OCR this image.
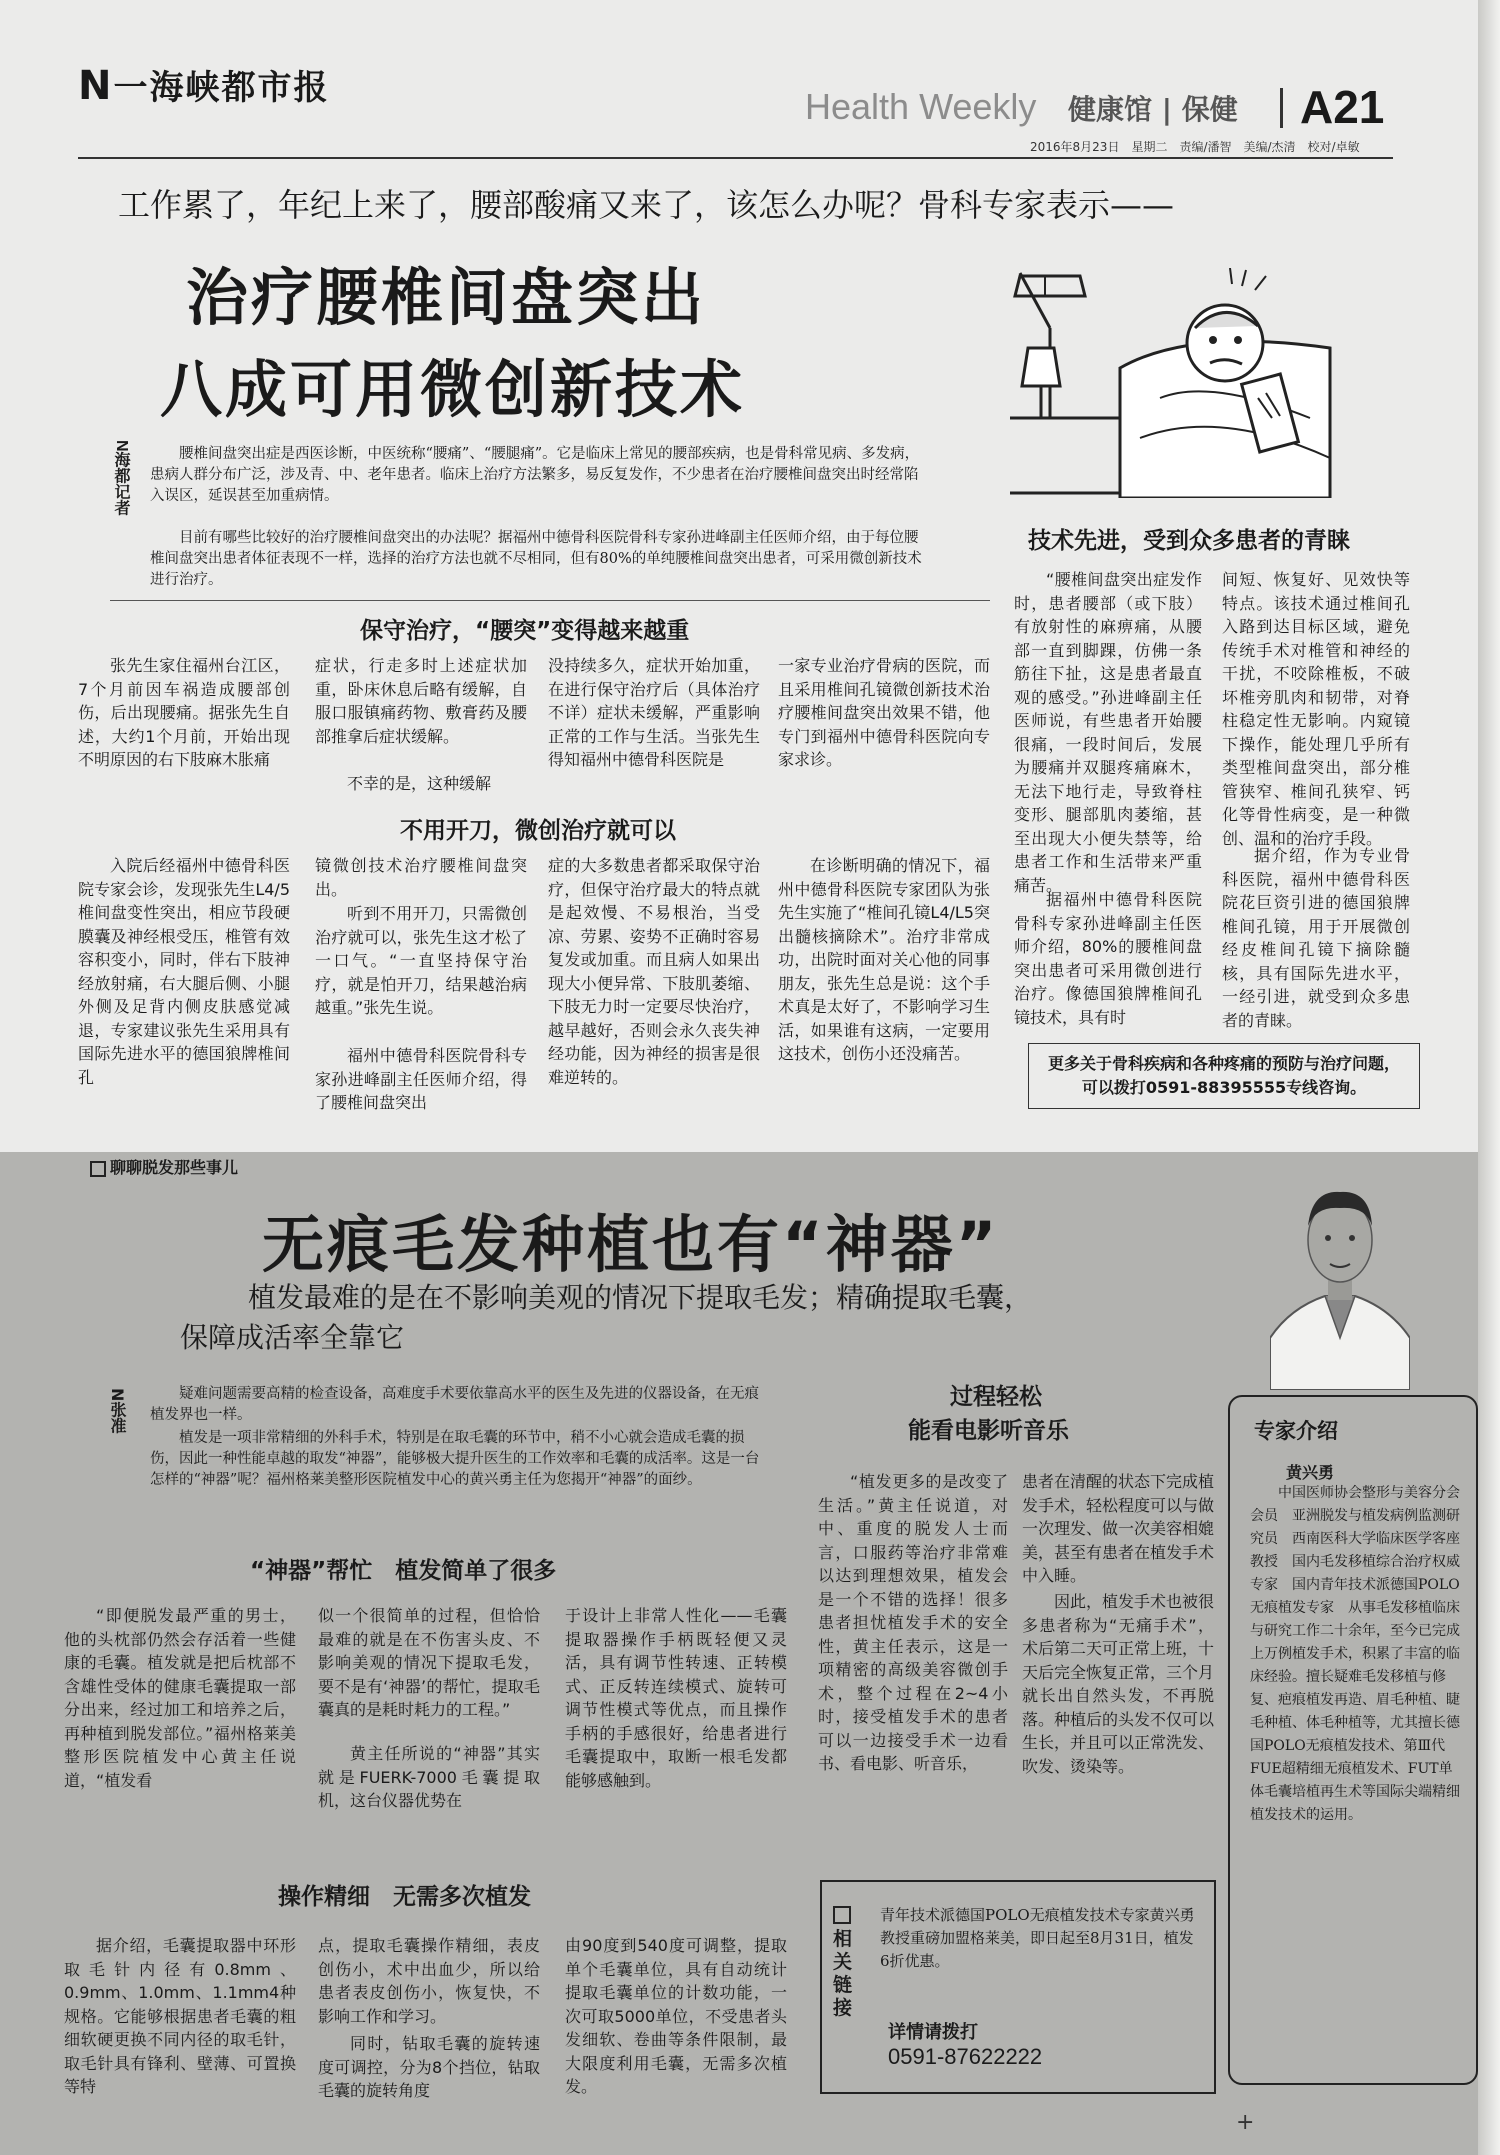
N一海峡都市报	Health Weekly 健康馆 | 保健 A21
2016年8月23日　星期二　责编/潘智　美编/杰清　校对/卓敏
工作累了，年纪上来了，腰部酸痛又来了，该怎么办呢？骨科专家表示——
治疗腰椎间盘突出
八成可用微创新技术
N海都记者	腰椎间盘突出症是西医诊断，中医统称“腰痛”、“腰腿痛”。它是临床上常见的腰部疾病，也是骨科常见病、多发病，患病人群分布广泛，涉及青、中、老年患者。临床上治疗方法繁多，易反复发作，不少患者在治疗腰椎间盘突出时经常陷入误区，延误甚至加重病情。

目前有哪些比较好的治疗腰椎间盘突出的办法呢？据福州中德骨科医院骨科专家孙进峰副主任医师介绍，由于每位腰椎间盘突出患者体征表现不一样，选择的治疗方法也就不尽相同，但有80%的单纯腰椎间盘突出患者，可采用微创新技术进行治疗。

保守治疗，“腰突”变得越来越重

张先生家住福州台江区，7个月前因车祸造成腰部创伤，后出现腰痛。据张先生自述，大约1个月前，开始出现不明原因的右下肢麻木胀痛

症状，行走多时上述症状加重，卧床休息后略有缓解，自服口服镇痛药物、敷膏药及腰部推拿后症状缓解。

不幸的是，这种缓解

没持续多久，症状开始加重，在进行保守治疗后（具体治疗不详）症状未缓解，严重影响正常的工作与生活。当张先生得知福州中德骨科医院是

一家专业治疗骨病的医院，而且采用椎间孔镜微创新技术治疗腰椎间盘突出效果不错，他专门到福州中德骨科医院向专家求诊。

不用开刀，微创治疗就可以

入院后经福州中德骨科医院专家会诊，发现张先生L4/5椎间盘变性突出，相应节段硬膜囊及神经根受压，椎管有效容积变小，同时，伴右下肢神经放射痛，右大腿后侧、小腿外侧及足背内侧皮肤感觉减退，专家建议张先生采用具有国际先进水平的德国狼牌椎间孔

镜微创技术治疗腰椎间盘突出。

听到不用开刀，只需微创治疗就可以，张先生这才松了一口气。“一直坚持保守治疗，就是怕开刀，结果越治病越重。”张先生说。

福州中德骨科医院骨科专家孙进峰副主任医师介绍，得了腰椎间盘突出

症的大多数患者都采取保守治疗，但保守治疗最大的特点就是起效慢、不易根治，当受凉、劳累、姿势不正确时容易复发或加重。而且病人如果出现大小便异常、下肢肌萎缩、下肢无力时一定要尽快治疗，越早越好，否则会永久丧失神经功能，因为神经的损害是很难逆转的。

在诊断明确的情况下，福州中德骨科医院专家团队为张先生实施了“椎间孔镜L4/L5突出髓核摘除术”。治疗非常成功，出院时面对关心他的同事朋友，张先生总是说：这个手术真是太好了，不影响学习生活，如果谁有这病，一定要用这技术，创伤小还没痛苦。

技术先进，受到众多患者的青睐

“腰椎间盘突出症发作时，患者腰部（或下肢）有放射性的麻痹痛，从腰部一直到脚踝，仿佛一条筋往下扯，这是患者最直观的感受。”孙进峰副主任医师说，有些患者开始腰很痛，一段时间后，发展为腰痛并双腿疼痛麻木，无法下地行走，导致脊柱变形、腿部肌肉萎缩，甚至出现大小便失禁等，给患者工作和生活带来严重痛苦。

据福州中德骨科医院骨科专家孙进峰副主任医师介绍，80%的腰椎间盘突出患者可采用微创进行治疗。像德国狼牌椎间孔镜技术，具有时

间短、恢复好、见效快等特点。该技术通过椎间孔入路到达目标区域，避免传统手术对椎管和神经的干扰，不咬除椎板，不破坏椎旁肌肉和韧带，对脊柱稳定性无影响。内窥镜下操作，能处理几乎所有类型椎间盘突出，部分椎管狭窄、椎间孔狭窄、钙化等骨性病变，是一种微创、温和的治疗手段。

据介绍，作为专业骨科医院，福州中德骨科医院花巨资引进的德国狼牌椎间孔镜，用于开展微创经皮椎间孔镜下摘除髓核，具有国际先进水平，一经引进，就受到众多患者的青睐。

更多关于骨科疾病和各种疼痛的预防与治疗问题，可以拨打0591-88395555专线咨询。
聊聊脱发那些事儿
无痕毛发种植也有“神器”
植发最难的是在不影响美观的情况下提取毛发；精确提取毛囊，
保障成活率全靠它
N张准

疑难问题需要高精的检查设备，高难度手术要依靠高水平的医生及先进的仪器设备，在无痕植发界也一样。

植发是一项非常精细的外科手术，特别是在取毛囊的环节中，稍不小心就会造成毛囊的损伤，因此一种性能卓越的取发“神器”，能够极大提升医生的工作效率和毛囊的成活率。这是一台怎样的“神器”呢？福州格莱美整形医院植发中心的黄兴勇主任为您揭开“神器”的面纱。

“神器”帮忙　植发简单了很多

“即便脱发最严重的男士，他的头枕部仍然会存活着一些健康的毛囊。植发就是把后枕部不含雄性受体的健康毛囊提取一部分出来，经过加工和培养之后，再种植到脱发部位。”福州格莱美整形医院植发中心黄主任说道，“植发看

似一个很简单的过程，但恰恰最难的就是在不伤害头皮、不影响美观的情况下提取毛发，要不是有‘神器’的帮忙，提取毛囊真的是耗时耗力的工程。”

黄主任所说的“神器”其实就是FUERK-7000毛囊提取机，这台仪器优势在

于设计上非常人性化——毛囊提取器操作手柄既轻便又灵活，具有调节性转速、正转模式、正反转连续模式、旋转可调节性模式等优点，而且操作手柄的手感很好，给患者进行毛囊提取中，取断一根毛发都能够感触到。

操作精细　无需多次植发

据介绍，毛囊提取器中环形取毛针内径有0.8mm、0.9mm、1.0mm、1.1mm4种规格。它能够根据患者毛囊的粗细软硬更换不同内径的取毛针，取毛针具有锋利、壁薄、可置换等特

点，提取毛囊操作精细，表皮创伤小，术中出血少，所以给患者表皮创伤小，恢复快，不影响工作和学习。

同时，钻取毛囊的旋转速度可调控，分为8个挡位，钻取毛囊的旋转角度

由90度到540度可调整，提取单个毛囊单位，具有自动统计提取毛囊单位的计数功能，一次可取5000单位，不受患者头发细软、卷曲等条件限制，最大限度利用毛囊，无需多次植发。

过程轻松
能看电影听音乐

“植发更多的是改变了生活。”黄主任说道，对中、重度的脱发人士而言，口服药等治疗非常难以达到理想效果，植发会是一个不错的选择！很多患者担忧植发手术的安全性，黄主任表示，这是一项精密的高级美容微创手术，整个过程在2~4小时，接受植发手术的患者可以一边接受手术一边看书、看电影、听音乐，

患者在清醒的状态下完成植发手术，轻松程度可以与做一次理发、做一次美容相媲美，甚至有患者在植发手术中入睡。

因此，植发手术也被很多患者称为“无痛手术”，术后第二天可正常上班，十天后完全恢复正常，三个月就长出自然头发，不再脱落。种植后的头发不仅可以生长，并且可以正常洗发、吹发、烫染等。

专家介绍
黄兴勇

中国医师协会整形与美容分会会员　亚洲脱发与植发病例监测研究员　西南医科大学临床医学客座教授　国内毛发移植综合治疗权威专家　国内青年技术派德国POLO无痕植发专家　从事毛发移植临床与研究工作二十余年，至今已完成上万例植发手术，积累了丰富的临床经验。擅长疑难毛发移植与修复、疤痕植发再造、眉毛种植、睫毛种植、体毛种植等，尤其擅长德国POLO无痕植发技术、第Ⅲ代FUE超精细无痕植发术、FUT单体毛囊培植再生术等国际尖端精细植发技术的运用。

相关链接

青年技术派德国POLO无痕植发技术专家黄兴勇教授重磅加盟格莱美，即日起至8月31日，植发6折优惠。

详情请拨打
0591-87622222
+
